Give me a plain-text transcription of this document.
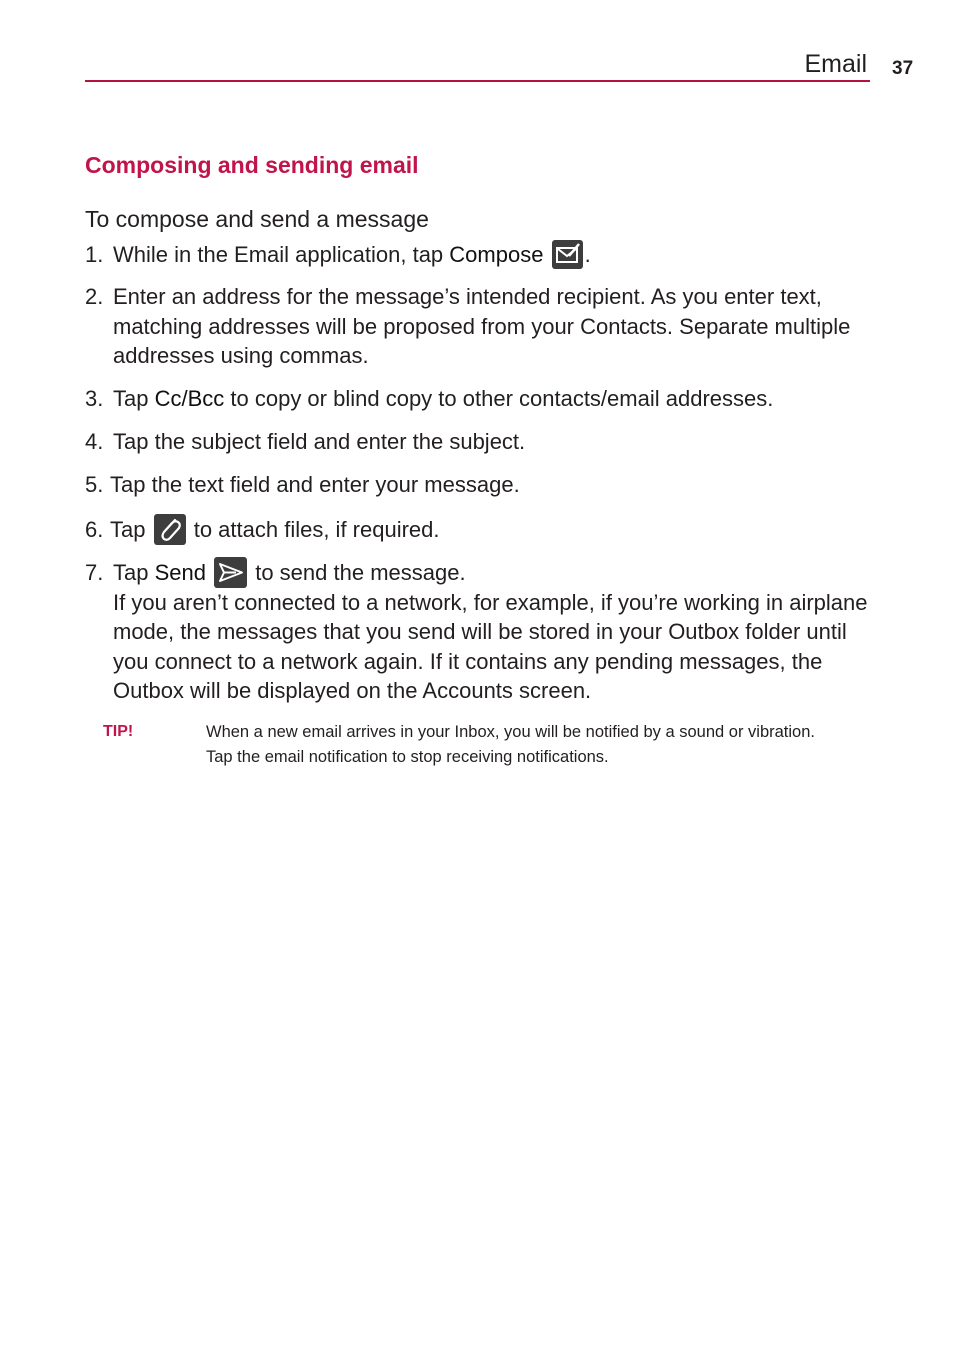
Email 37
Composing and sending email
To compose and send a message
1. While in the Email application, tap Compose .
2. Enter an address for the message’s intended recipient. As you enter text, matching addresses will be proposed from your Contacts. Separate multiple addresses using commas.
3. Tap Cc/Bcc to copy or blind copy to other contacts/email addresses.
4. Tap the subject field and enter the subject.
5. Tap the text field and enter your message.
6. Tap
to attach files, if required.
7. Tap Send
to send the message.
If you aren’t connected to a network, for example, if you’re working in airplane mode, the messages that you send will be stored in your Outbox folder until you connect to a network again. If it contains any pending messages, the Outbox will be displayed on the Accounts screen.
TIP!	When a new email arrives in your Inbox, you will be notified by a sound or vibration.
Tap the email notification to stop receiving notifications.
